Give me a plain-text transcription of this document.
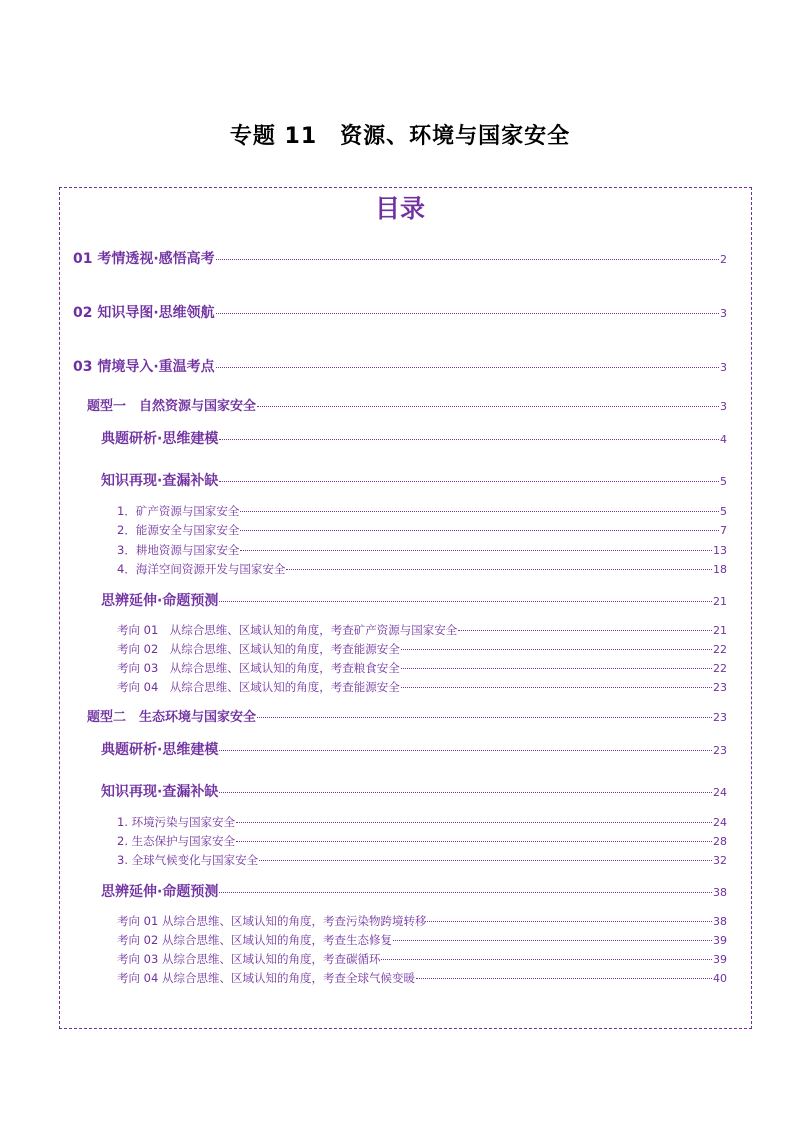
专题 11　资源、环境与国家安全
目录
01 考情透视·感悟高考	2
02 知识导图·思维领航	3
03 情境导入·重温考点	3
题型一　自然资源与国家安全	3
典题研析·思维建模	4
知识再现·查漏补缺	5
1．矿产资源与国家安全	5
2．能源安全与国家安全	7
3．耕地资源与国家安全	13
4．海洋空间资源开发与国家安全	18
思辨延伸·命题预测	21
考向 01　从综合思维、区域认知的角度，考查矿产资源与国家安全	21
考向 02　从综合思维、区域认知的角度，考查能源安全	22
考向 03　从综合思维、区域认知的角度，考查粮食安全	22
考向 04　从综合思维、区域认知的角度，考查能源安全	23
题型二　生态环境与国家安全	23
典题研析·思维建模	23
知识再现·查漏补缺	24
1. 环境污染与国家安全	24
2. 生态保护与国家安全	28
3. 全球气候变化与国家安全	32
思辨延伸·命题预测	38
考向 01 从综合思维、区域认知的角度，考查污染物跨境转移	38
考向 02 从综合思维、区域认知的角度，考查生态修复	39
考向 03 从综合思维、区域认知的角度，考查碳循环	39
考向 04 从综合思维、区域认知的角度，考查全球气候变暖	40
